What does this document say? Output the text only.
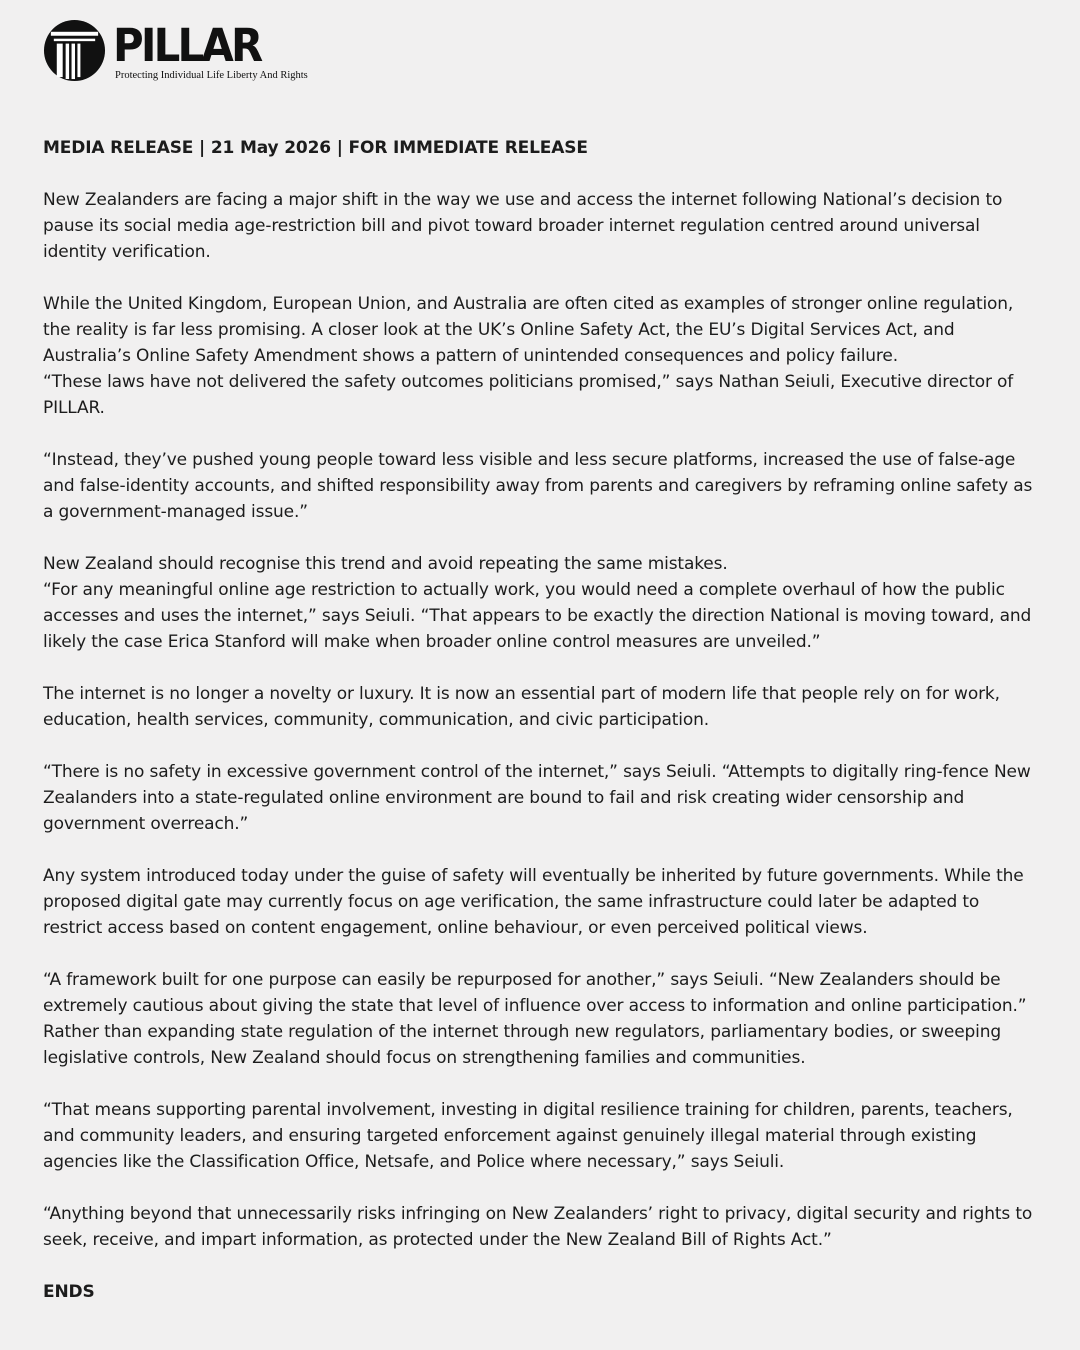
PILLAR
Protecting Individual Life Liberty And Rights

MEDIA RELEASE | 21 May 2026 | FOR IMMEDIATE RELEASE

New Zealanders are facing a major shift in the way we use and access the internet following National’s decision to pause its social media age-restriction bill and pivot toward broader internet regulation centred around universal identity verification.

While the United Kingdom, European Union, and Australia are often cited as examples of stronger online regulation, the reality is far less promising. A closer look at the UK’s Online Safety Act, the EU’s Digital Services Act, and Australia’s Online Safety Amendment shows a pattern of unintended consequences and policy failure.

“These laws have not delivered the safety outcomes politicians promised,” says Nathan Seiuli, Executive director of PILLAR.

“Instead, they’ve pushed young people toward less visible and less secure platforms, increased the use of false-age and false-identity accounts, and shifted responsibility away from parents and caregivers by reframing online safety as a government-managed issue.”

New Zealand should recognise this trend and avoid repeating the same mistakes.

“For any meaningful online age restriction to actually work, you would need a complete overhaul of how the public accesses and uses the internet,” says Seiuli. “That appears to be exactly the direction National is moving toward, and likely the case Erica Stanford will make when broader online control measures are unveiled.”

The internet is no longer a novelty or luxury. It is now an essential part of modern life that people rely on for work, education, health services, community, communication, and civic participation.

“There is no safety in excessive government control of the internet,” says Seiuli. “Attempts to digitally ring-fence New Zealanders into a state-regulated online environment are bound to fail and risk creating wider censorship and government overreach.”

Any system introduced today under the guise of safety will eventually be inherited by future governments. While the proposed digital gate may currently focus on age verification, the same infrastructure could later be adapted to restrict access based on content engagement, online behaviour, or even perceived political views.

“A framework built for one purpose can easily be repurposed for another,” says Seiuli. “New Zealanders should be extremely cautious about giving the state that level of influence over access to information and online participation.”

Rather than expanding state regulation of the internet through new regulators, parliamentary bodies, or sweeping legislative controls, New Zealand should focus on strengthening families and communities.

“That means supporting parental involvement, investing in digital resilience training for children, parents, teachers, and community leaders, and ensuring targeted enforcement against genuinely illegal material through existing agencies like the Classification Office, Netsafe, and Police where necessary,” says Seiuli.

“Anything beyond that unnecessarily risks infringing on New Zealanders’ right to privacy, digital security and rights to seek, receive, and impart information, as protected under the New Zealand Bill of Rights Act.”

ENDS
